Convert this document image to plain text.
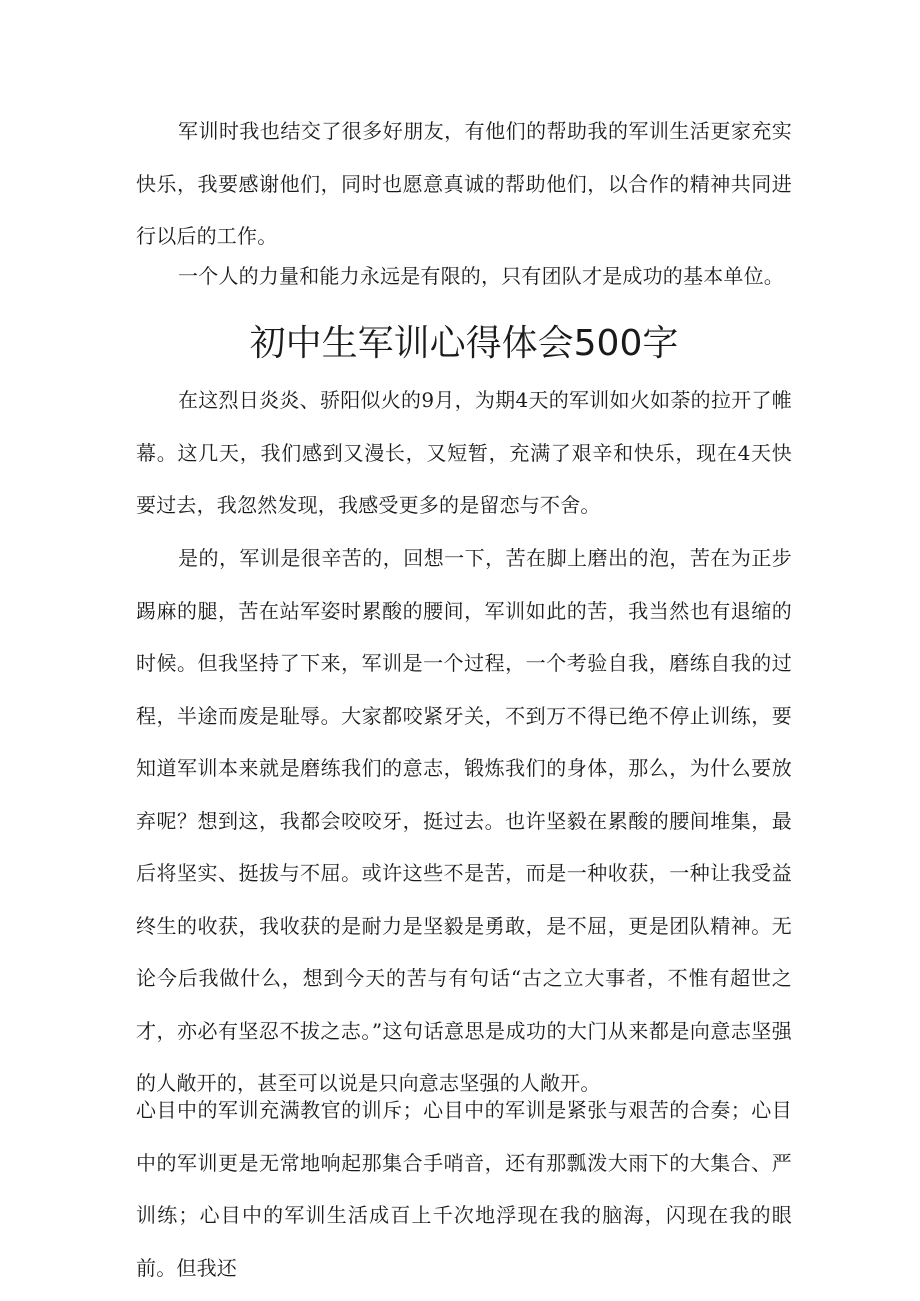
军训时我也结交了很多好朋友，有他们的帮助我的军训生活更家充实快乐，我要感谢他们，同时也愿意真诚的帮助他们，以合作的精神共同进行以后的工作。

一个人的力量和能力永远是有限的，只有团队才是成功的基本单位。

初中生军训心得体会500字

在这烈日炎炎、骄阳似火的9月，为期4天的军训如火如荼的拉开了帷幕。这几天，我们感到又漫长，又短暂，充满了艰辛和快乐，现在4天快要过去，我忽然发现，我感受更多的是留恋与不舍。

是的，军训是很辛苦的，回想一下，苦在脚上磨出的泡，苦在为正步踢麻的腿，苦在站军姿时累酸的腰间，军训如此的苦，我当然也有退缩的时候。但我坚持了下来，军训是一个过程，一个考验自我，磨练自我的过程，半途而废是耻辱。大家都咬紧牙关，不到万不得已绝不停止训练，要知道军训本来就是磨练我们的意志，锻炼我们的身体，那么，为什么要放弃呢？想到这，我都会咬咬牙，挺过去。也许坚毅在累酸的腰间堆集，最后将坚实、挺拔与不屈。或许这些不是苦，而是一种收获，一种让我受益终生的收获，我收获的是耐力是坚毅是勇敢，是不屈，更是团队精神。无论今后我做什么，想到今天的苦与有句话“古之立大事者，不惟有超世之才，亦必有坚忍不拔之志。”这句话意思是成功的大门从来都是向意志坚强的人敞开的，甚至可以说是只向意志坚强的人敞开。

心目中的军训充满教官的训斥；心目中的军训是紧张与艰苦的合奏；心目中的军训更是无常地响起那集合手哨音，还有那瓢泼大雨下的大集合、严训练；心目中的军训生活成百上千次地浮现在我的脑海，闪现在我的眼前。但我还
